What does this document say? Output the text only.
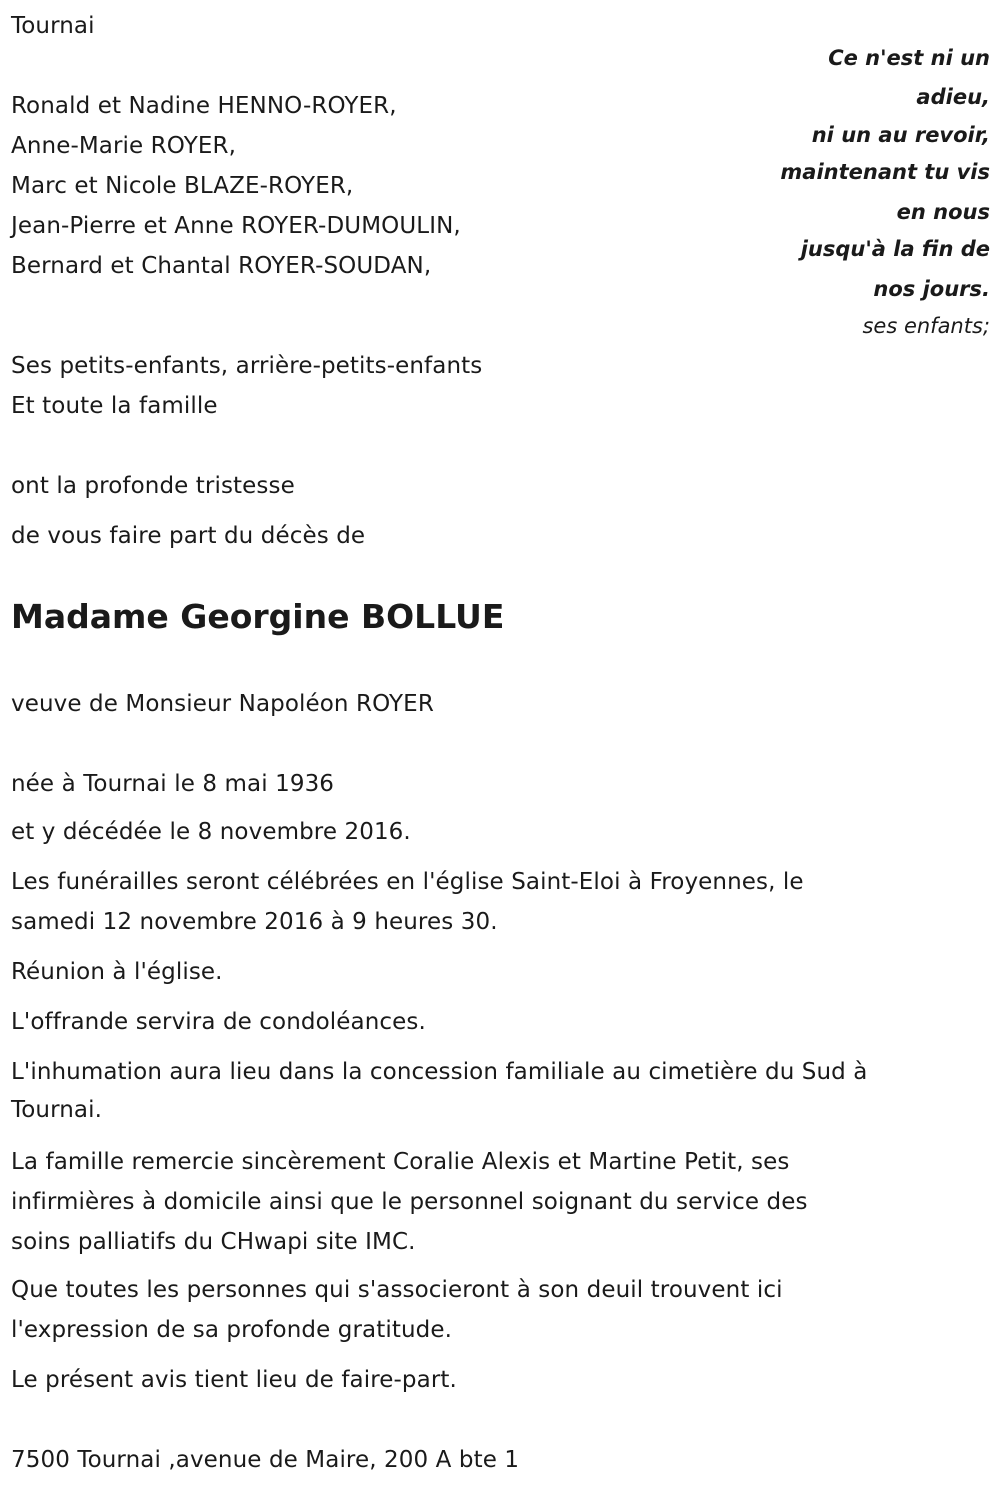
Tournai
Ce n'est ni un
adieu,
ni un au revoir,
maintenant tu vis
en nous
jusqu'à la fin de
nos jours.
ses enfants;
Ronald et Nadine HENNO-ROYER,
Anne-Marie ROYER,
Marc et Nicole BLAZE-ROYER,
Jean-Pierre et Anne ROYER-DUMOULIN,
Bernard et Chantal ROYER-SOUDAN,
Ses petits-enfants, arrière-petits-enfants
Et toute la famille
ont la profonde tristesse
de vous faire part du décès de
Madame Georgine BOLLUE
veuve de Monsieur Napoléon ROYER
née à Tournai le 8 mai 1936
et y décédée le 8 novembre 2016.
Les funérailles seront célébrées en l'église Saint-Eloi à Froyennes, le
samedi 12 novembre 2016 à 9 heures 30.
Réunion à l'église.
L'offrande servira de condoléances.
L'inhumation aura lieu dans la concession familiale au cimetière du Sud à
Tournai.
La famille remercie sincèrement Coralie Alexis et Martine Petit, ses
infirmières à domicile ainsi que le personnel soignant du service des
soins palliatifs du CHwapi site IMC.
Que toutes les personnes qui s'associeront à son deuil trouvent ici
l'expression de sa profonde gratitude.
Le présent avis tient lieu de faire-part.
7500 Tournai ,avenue de Maire, 200 A bte 1
